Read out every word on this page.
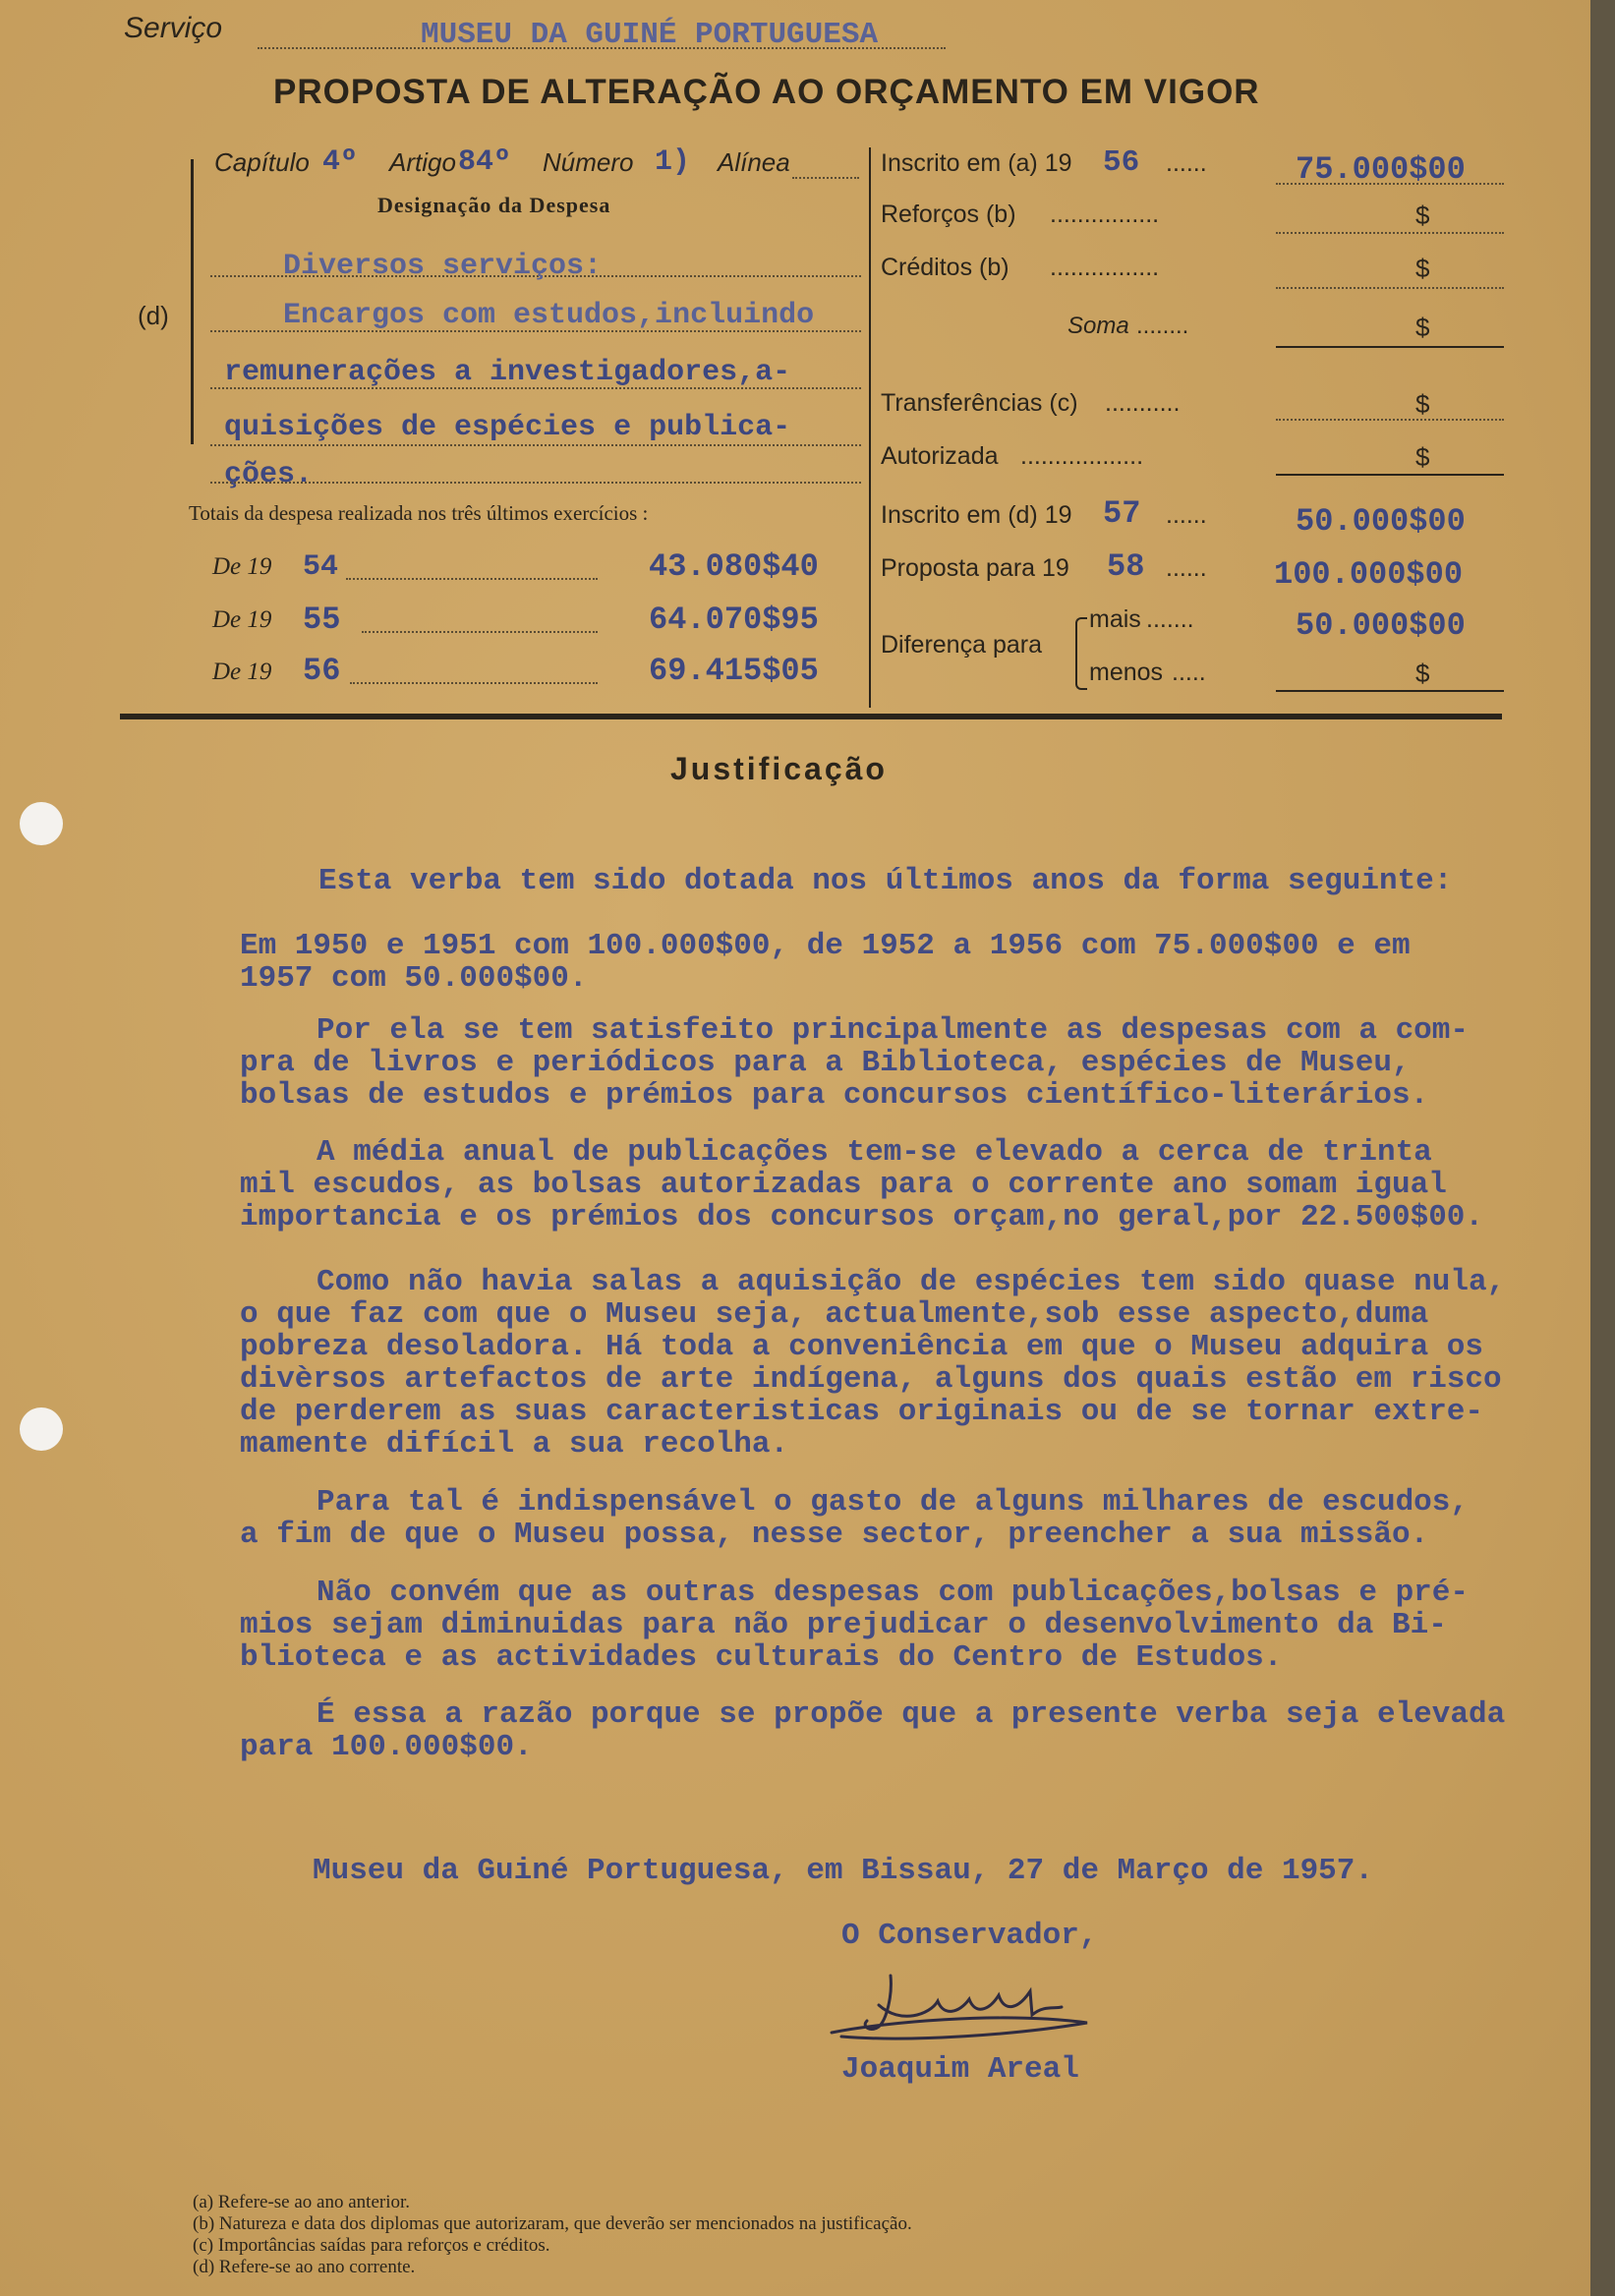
Serviço	MUSEU DA GUINÉ PORTUGUESA
PROPOSTA DE ALTERAÇÃO AO ORÇAMENTO EM VIGOR
Capítulo 4º Artigo 84º Número 1) Alínea
Designação da Despesa
(d)
Diversos serviços:
Encargos com estudos,incluindo
remunerações a investigadores,a-
quisições de espécies e publica-
ções.
Totais da despesa realizada nos três últimos exercícios :
De 19 54	43.080$40
De 19 55	64.070$95
De 19 56	69.415$05
Inscrito em (a) 19 56 ......	75.000$00
Reforços (b) ................	$
Créditos (b) ................	$
Soma ........	$
Transferências (c) ...........	$
Autorizada ..................	$
Inscrito em (d) 19 57 ......	50.000$00
Proposta para 19 58 ...... 100.000$00
Diferença para
mais .......	50.000$00
menos .....	$
Justificação

Esta verba tem sido dotada nos últimos anos da forma seguinte:

Em 1950 e 1951 com 100.000$00, de 1952 a 1956 com 75.000$00 e em

1957 com 50.000$00.

Por ela se tem satisfeito principalmente as despesas com a com-

pra de livros e periódicos para a Biblioteca, espécies de Museu,

bolsas de estudos e prémios para concursos científico-literários.

A média anual de publicações tem-se elevado a cerca de trinta

mil escudos, as bolsas autorizadas para o corrente ano somam igual

importancia e os prémios dos concursos orçam,no geral,por 22.500$00.

Como não havia salas a aquisição de espécies tem sido quase nula,

o que faz com que o Museu seja, actualmente,sob esse aspecto,duma

pobreza desoladora. Há toda a conveniência em que o Museu adquira os

divèrsos artefactos de arte indígena, alguns dos quais estão em risco

de perderem as suas caracteristicas originais ou de se tornar extre-

mamente difícil a sua recolha.

Para tal é indispensável o gasto de alguns milhares de escudos,

a fim de que o Museu possa, nesse sector, preencher a sua missão.

Não convém que as outras despesas com publicações,bolsas e pré-

mios sejam diminuidas para não prejudicar o desenvolvimento da Bi-

blioteca e as actividades culturais do Centro de Estudos.

É essa a razão porque se propõe que a presente verba seja elevada

para 100.000$00.

Museu da Guiné Portuguesa, em Bissau, 27 de Março de 1957.
O Conservador,
Joaquim Areal
(a) Refere-se ao ano anterior.
(b) Natureza e data dos diplomas que autorizaram, que deverão ser mencionados na justificação.
(c) Importâncias saídas para reforços e créditos.
(d) Refere-se ao ano corrente.
